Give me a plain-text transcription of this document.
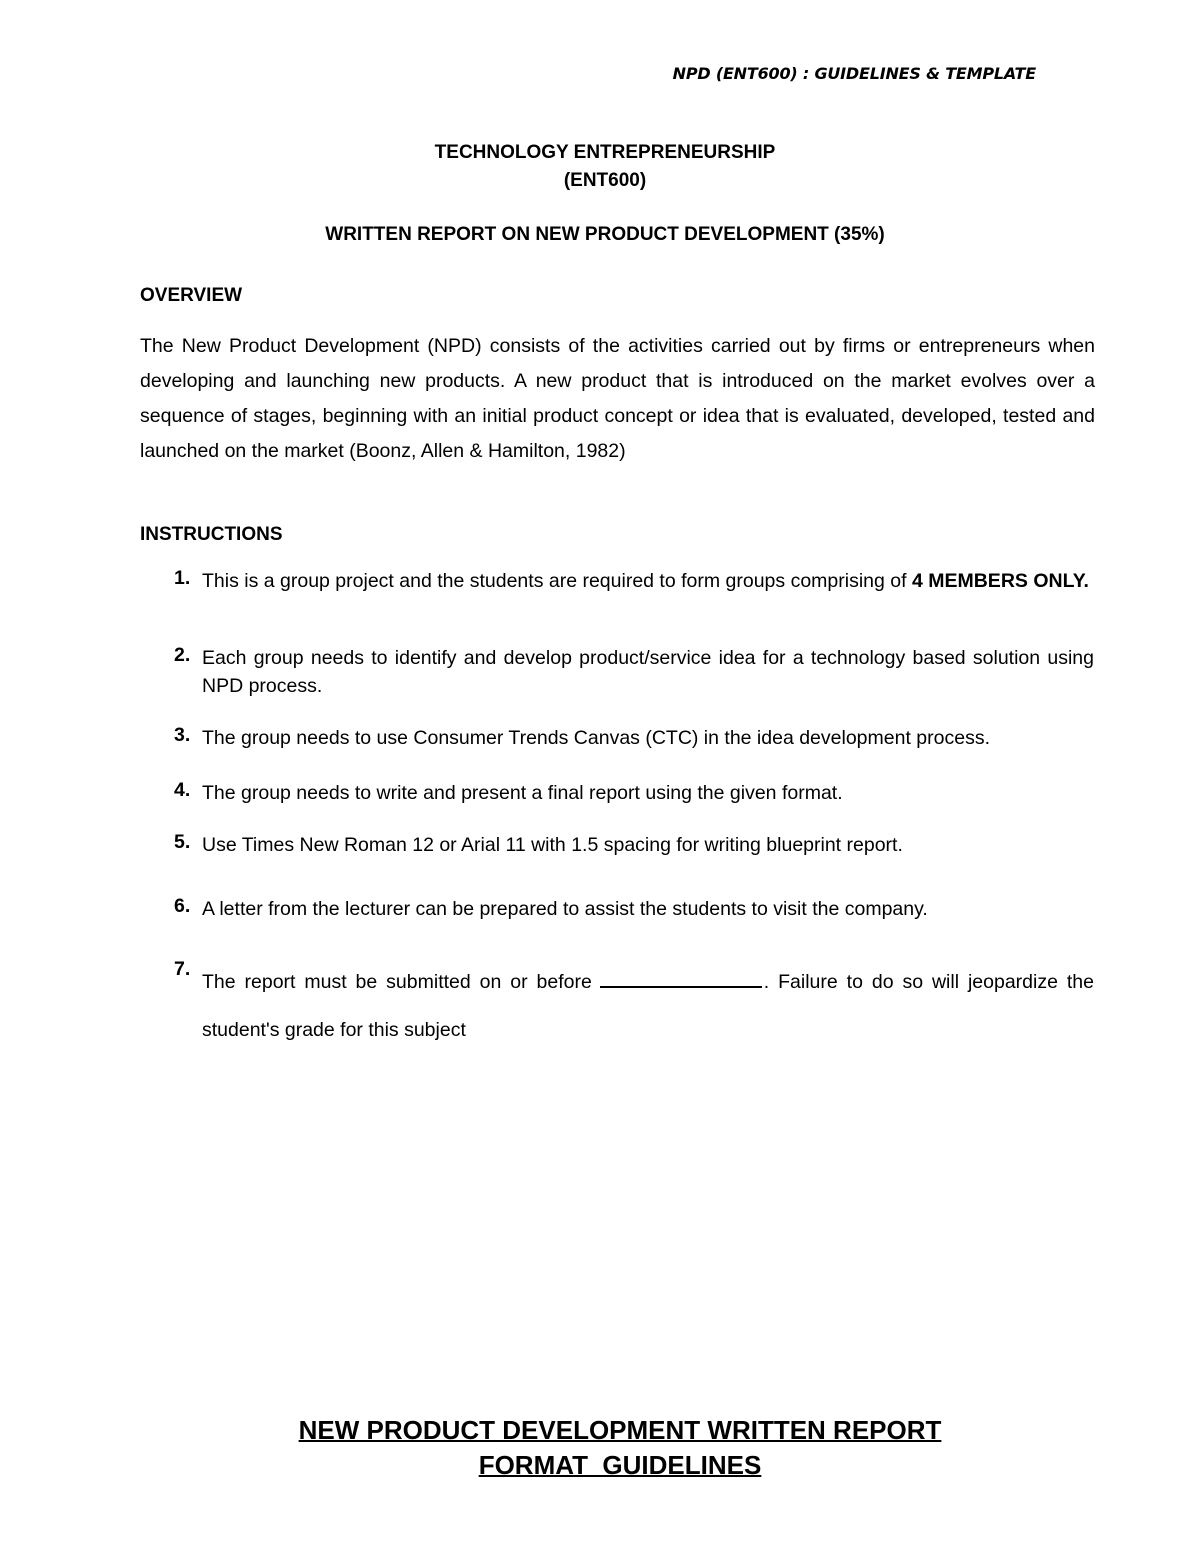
NPD (ENT600) : GUIDELINES & TEMPLATE
TECHNOLOGY ENTREPRENEURSHIP
(ENT600)
WRITTEN REPORT ON NEW PRODUCT DEVELOPMENT (35%)
OVERVIEW
The New Product Development (NPD) consists of the activities carried out by firms or entrepreneurs when developing and launching new products. A new product that is introduced on the market evolves over a sequence of stages, beginning with an initial product concept or idea that is evaluated, developed, tested and launched on the market (Boonz, Allen & Hamilton, 1982)
INSTRUCTIONS
1. This is a group project and the students are required to form groups comprising of 4 MEMBERS ONLY.
2. Each group needs to identify and develop product/service idea for a technology based solution using NPD process.
3. The group needs to use Consumer Trends Canvas (CTC) in the idea development process.
4. The group needs to write and present a final report using the given format.
5. Use Times New Roman 12 or Arial 11 with 1.5 spacing for writing blueprint report.
6. A letter from the lecturer can be prepared to assist the students to visit the company.
7.
The report must be submitted on or before	. Failure to do so will jeopardize the student's grade for this subject
NEW PRODUCT DEVELOPMENT WRITTEN REPORT
FORMAT  GUIDELINES
